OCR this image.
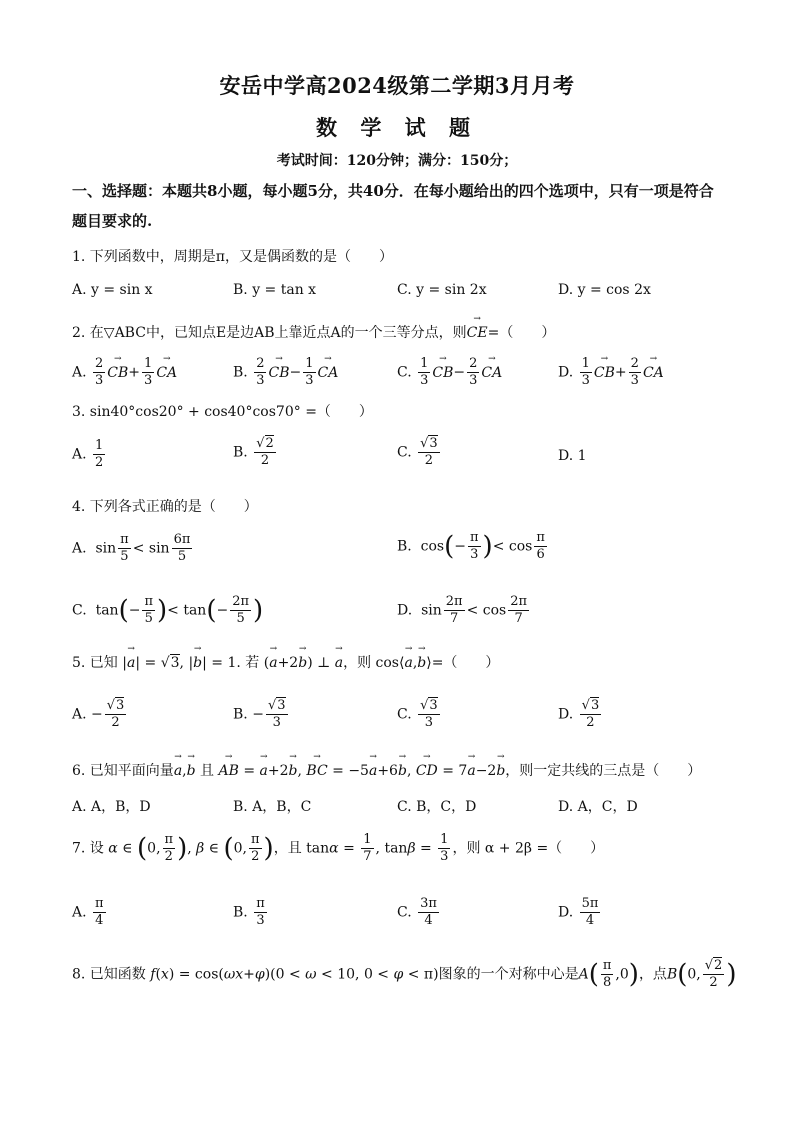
安岳中学高2024级第二学期3月月考
数 学 试 题
考试时间：120分钟；满分：150分；
一、选择题：本题共8小题，每小题5分，共40分．在每小题给出的四个选项中，只有一项是符合题目要求的.
1. 下列函数中，周期是π，又是偶函数的是（　　）
A. y = sin x	B. y = tan x	C. y = sin 2x	D. y = cos 2x
2. 在▽ABC中，已知点E是边AB上靠近点A的一个三等分点，则→ CE=（　　）
A. $\frac{2}{3}$
→ $CB+ \frac{1}{3}$
→ CA	B. $\frac{2}{3}$
→ $CB- \frac{1}{3}$
→ CA	C. $\frac{1}{3}$
→ $CB- \frac{2}{3}$
→ CA	D. $\frac{1}{3}$
→ $CB+ \frac{2}{3}$
→ CA
3. sin40°cos20° + cos40°cos70° =（　　）
A. $\frac{1}{2}$	B. $\frac{√2}{2}$	C. $\frac{√3}{2}$	D. 1
4. 下列各式正确的是（　　）
A.  $\sin \frac{\pi}{5} < \sin \frac{6\pi}{5}$	B.  $\cos(- \frac{\pi}{3}$ )< $\cos \frac{\pi}{6}$
C.  $\tan(- \frac{\pi}{5}$ )< $\tan(- \frac{2\pi}{5}$ )	D.  $\sin \frac{2\pi}{7} < \cos \frac{2\pi}{7}$
5. 已知 |→ a| = √3, |→ b| = 1. 若 (→ a+2→ b) ⊥ → a，则 cos⟨→ a,→ b⟩=（　　）
A. − $\frac{√3}{2}$	B. − $\frac{√3}{3}$	C. $\frac{√3}{3}$	D. $\frac{√3}{2}$
6. 已知平面向量→ a,→ b 且 → AB = → a+2→ b, → BC = −5→ a+6→ b, → CD = 7→ a−2→ b，则一定共线的三点是（　　）
A. A，B，D	B. A，B，C	C. B，C，D	D. A，C，D
7. 设 α ∈ (0, $\frac{\pi}{2}$ ), β ∈ (0, $\frac{\pi}{2}$ )，且 $\tan\alpha = \frac{1}{7}$ , $\tan\beta = \frac{1}{3}$ ，则 α + 2β =（　　）
A. $\frac{\pi}{4}$	B. $\frac{\pi}{3}$	C. $\frac{3\pi}{4}$	D. $\frac{5\pi}{4}$
8. 已知函数 f(x) = cos(ωx+φ)(0 < ω < 10, 0 < φ < π)图象的一个对称中心是$A( \frac{\pi}{8} ,0)$，点B(0, $\frac{√2}{2}$ )
